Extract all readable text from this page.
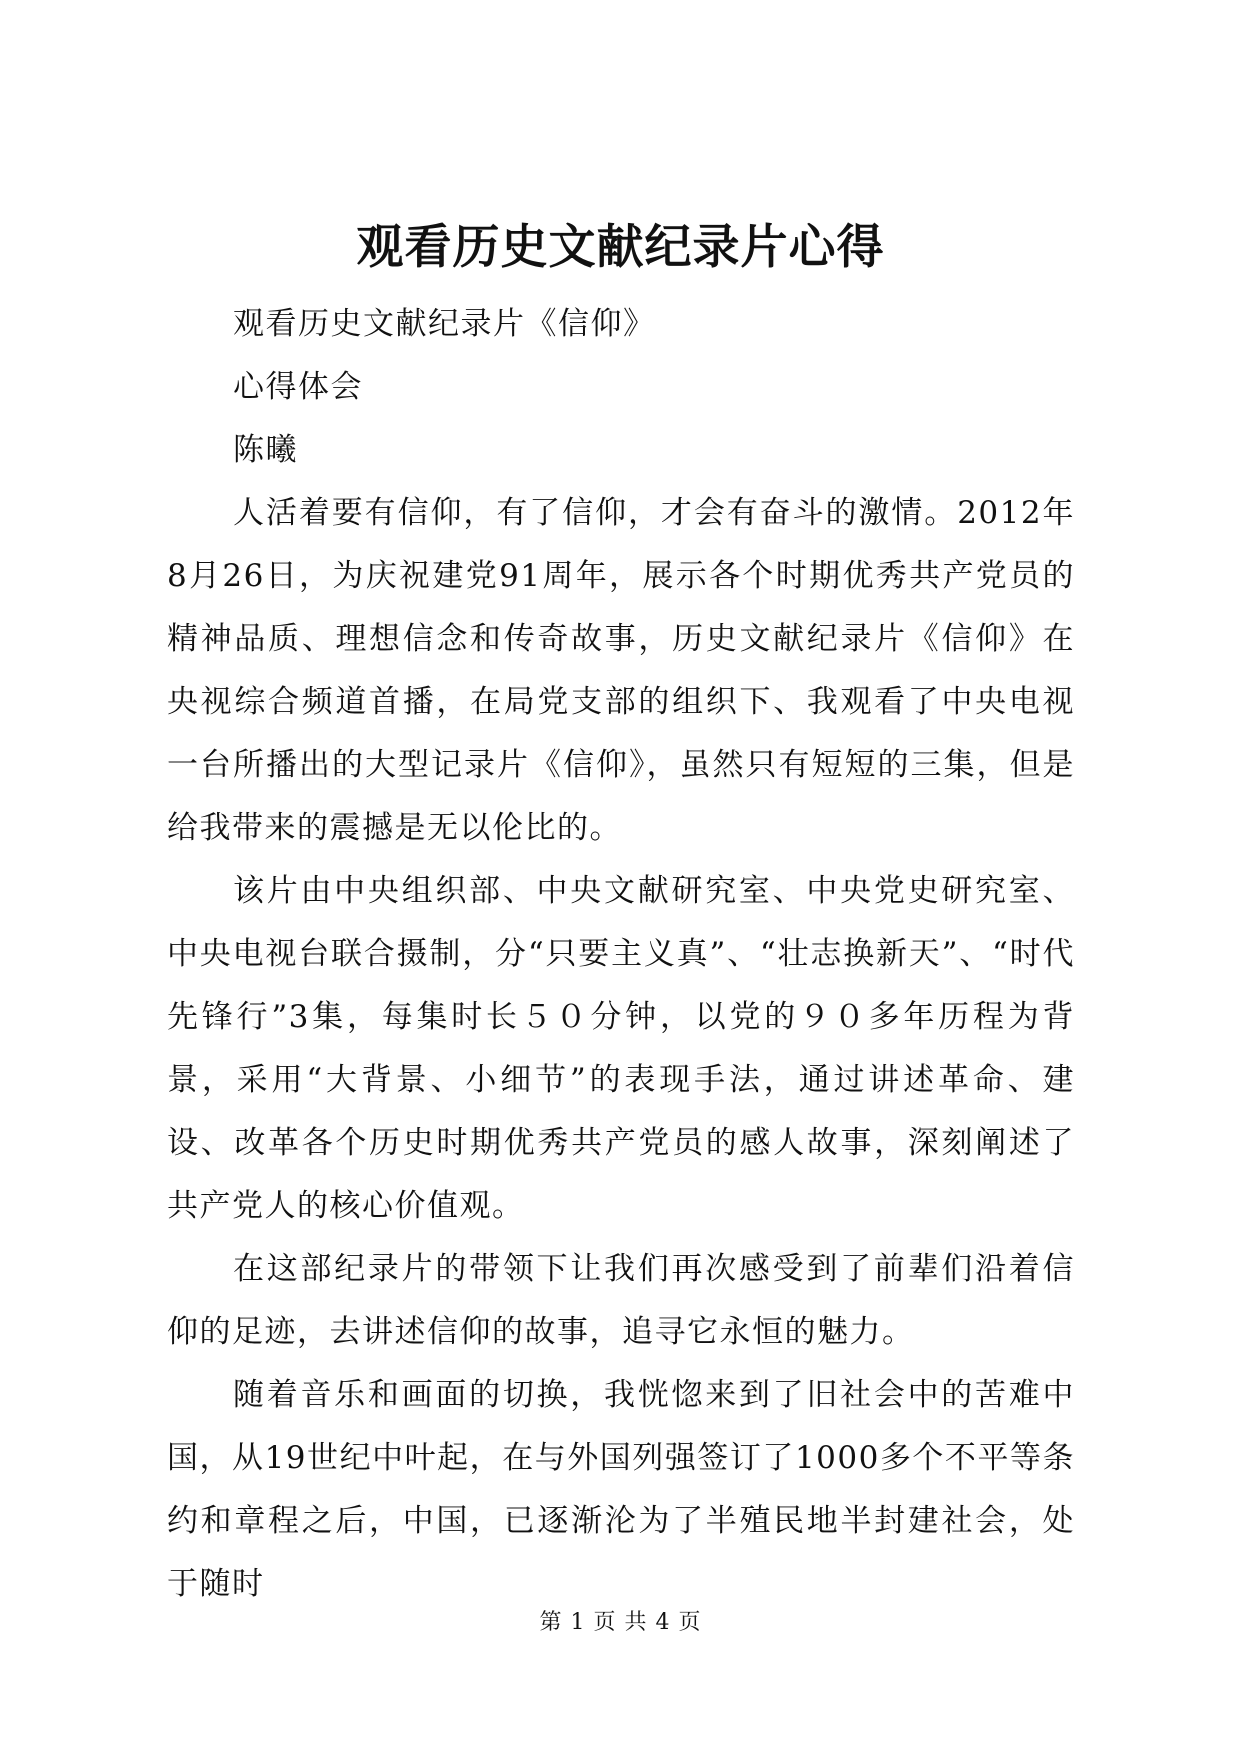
观看历史文献纪录片心得
观看历史文献纪录片《信仰》
心得体会
陈曦

人活着要有信仰，有了信仰，才会有奋斗的激情。2012年8月26日，为庆祝建党91周年，展示各个时期优秀共产党员的精神品质、理想信念和传奇故事，历史文献纪录片《信仰》在央视综合频道首播，在局党支部的组织下、我观看了中央电视一台所播出的大型记录片《信仰》，虽然只有短短的三集，但是给我带来的震撼是无以伦比的。

该片由中央组织部、中央文献研究室、中央党史研究室、中央电视台联合摄制，分“只要主义真”、“壮志换新天”、“时代先锋行”3集，每集时长５０分钟，以党的９０多年历程为背景，采用“大背景、小细节”的表现手法，通过讲述革命、建设、改革各个历史时期优秀共产党员的感人故事，深刻阐述了共产党人的核心价值观。

在这部纪录片的带领下让我们再次感受到了前辈们沿着信仰的足迹，去讲述信仰的故事，追寻它永恒的魅力。

随着音乐和画面的切换，我恍惚来到了旧社会中的苦难中国，从19世纪中叶起，在与外国列强签订了1000多个不平等条约和章程之后，中国，已逐渐沦为了半殖民地半封建社会，处于随时

第 1 页 共 4 页
